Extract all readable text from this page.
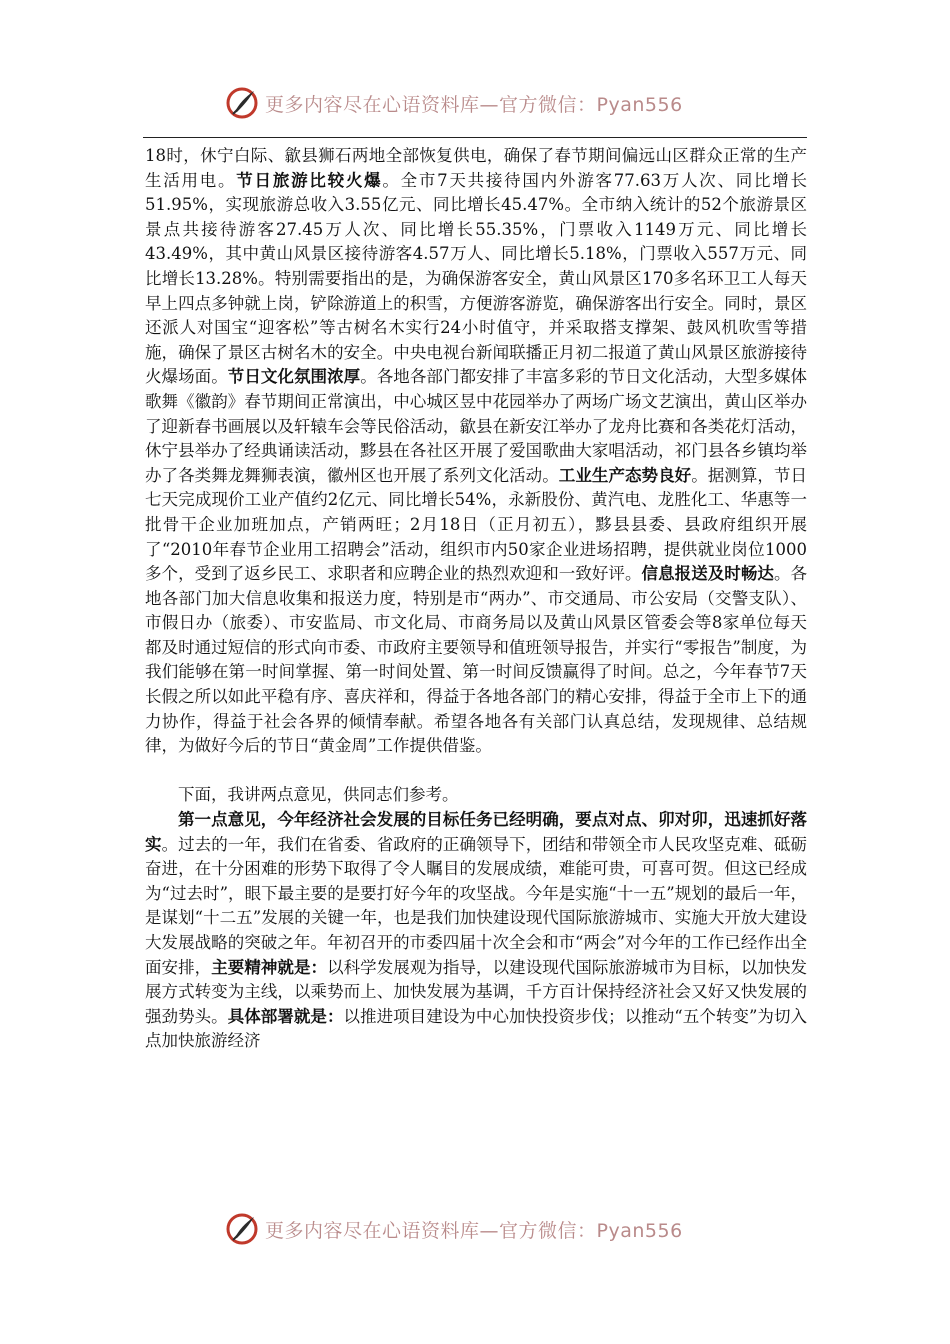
更多内容尽在心语资料库—官方微信：Pyan556

18时，休宁白际、歙县狮石两地全部恢复供电，确保了春节期间偏远山区群众正常的生产生活用电。节日旅游比较火爆。全市7天共接待国内外游客77.63万人次、同比增长51.95%，实现旅游总收入3.55亿元、同比增长45.47%。全市纳入统计的52个旅游景区景点共接待游客27.45万人次、同比增长55.35%，门票收入1149万元、同比增长43.49%，其中黄山风景区接待游客4.57万人、同比增长5.18%，门票收入557万元、同比增长13.28%。特别需要指出的是，为确保游客安全，黄山风景区170多名环卫工人每天早上四点多钟就上岗，铲除游道上的积雪，方便游客游览，确保游客出行安全。同时，景区还派人对国宝“迎客松”等古树名木实行24小时值守，并采取搭支撑架、鼓风机吹雪等措施，确保了景区古树名木的安全。中央电视台新闻联播正月初二报道了黄山风景区旅游接待火爆场面。节日文化氛围浓厚。各地各部门都安排了丰富多彩的节日文化活动，大型多媒体歌舞《徽韵》春节期间正常演出，中心城区昱中花园举办了两场广场文艺演出，黄山区举办了迎新春书画展以及轩辕车会等民俗活动，歙县在新安江举办了龙舟比赛和各类花灯活动，休宁县举办了经典诵读活动，黟县在各社区开展了爱国歌曲大家唱活动，祁门县各乡镇均举办了各类舞龙舞狮表演，徽州区也开展了系列文化活动。工业生产态势良好。据测算，节日七天完成现价工业产值约2亿元、同比增长54%，永新股份、黄汽电、龙胜化工、华惠等一批骨干企业加班加点，产销两旺；2月18日（正月初五），黟县县委、县政府组织开展了“2010年春节企业用工招聘会”活动，组织市内50家企业进场招聘，提供就业岗位1000多个，受到了返乡民工、求职者和应聘企业的热烈欢迎和一致好评。信息报送及时畅达。各地各部门加大信息收集和报送力度，特别是市“两办”、市交通局、市公安局（交警支队）、市假日办（旅委）、市安监局、市文化局、市商务局以及黄山风景区管委会等8家单位每天都及时通过短信的形式向市委、市政府主要领导和值班领导报告，并实行“零报告”制度，为我们能够在第一时间掌握、第一时间处置、第一时间反馈赢得了时间。总之，今年春节7天长假之所以如此平稳有序、喜庆祥和，得益于各地各部门的精心安排，得益于全市上下的通力协作，得益于社会各界的倾情奉献。希望各地各有关部门认真总结，发现规律、总结规律，为做好今后的节日“黄金周”工作提供借鉴。

下面，我讲两点意见，供同志们参考。

第一点意见，今年经济社会发展的目标任务已经明确，要点对点、卯对卯，迅速抓好落实。过去的一年，我们在省委、省政府的正确领导下，团结和带领全市人民攻坚克难、砥砺奋进，在十分困难的形势下取得了令人瞩目的发展成绩，难能可贵，可喜可贺。但这已经成为“过去时”，眼下最主要的是要打好今年的攻坚战。今年是实施“十一五”规划的最后一年，是谋划“十二五”发展的关键一年，也是我们加快建设现代国际旅游城市、实施大开放大建设大发展战略的突破之年。年初召开的市委四届十次全会和市“两会”对今年的工作已经作出全面安排，主要精神就是：以科学发展观为指导，以建设现代国际旅游城市为目标，以加快发展方式转变为主线，以乘势而上、加快发展为基调，千方百计保持经济社会又好又快发展的强劲势头。具体部署就是：以推进项目建设为中心加快投资步伐；以推动“五个转变”为切入点加快旅游经济

更多内容尽在心语资料库—官方微信：Pyan556
